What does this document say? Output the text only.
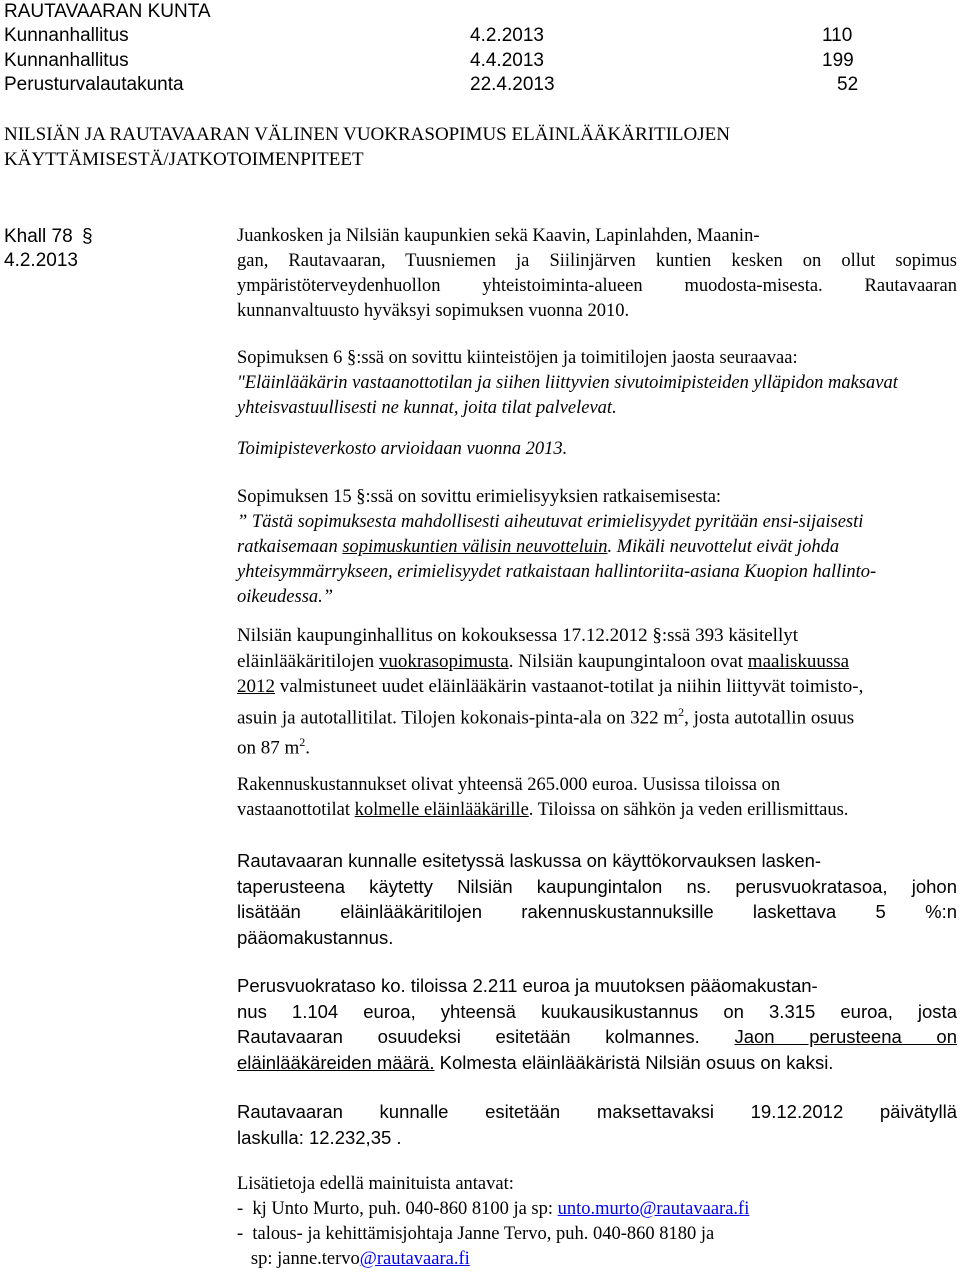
RAUTAVAARAN KUNTA
Kunnanhallitus	4.2.2013	110
Kunnanhallitus	4.4.2013	199
Perusturvalautakunta	22.4.2013	52
NILSIÄN JA RAUTAVAARAN VÄLINEN VUOKRASOPIMUS ELÄINLÄÄKÄRITILOJEN
KÄYTTÄMISESTÄ/JATKOTOIMENPITEET
Khall 78 §
4.2.2013
Juankosken ja Nilsiän kaupunkien sekä Kaavin, Lapinlahden, Maanin-
gan, Rautavaaran, Tuusniemen ja Siilinjärven kuntien kesken on ollut sopimus
ympäristöterveydenhuollon yhteistoiminta-alueen muodosta-misesta. Rautavaaran
kunnanvaltuusto hyväksyi sopimuksen vuonna 2010.
Sopimuksen 6 §:ssä on sovittu kiinteistöjen ja toimitilojen jaosta seuraavaa:
"Eläinlääkärin vastaanottotilan ja siihen liittyvien sivutoimipisteiden ylläpidon maksavat
yhteisvastuullisesti ne kunnat, joita tilat palvelevat.
Toimipisteverkosto arvioidaan vuonna 2013.
Sopimuksen 15 §:ssä on sovittu erimielisyyksien ratkaisemisesta:
” Tästä sopimuksesta mahdollisesti aiheutuvat erimielisyydet pyritään ensi-sijaisesti
ratkaisemaan sopimuskuntien välisin neuvotteluin. Mikäli neuvottelut eivät johda
yhteisymmärrykseen, erimielisyydet ratkaistaan hallintoriita-asiana Kuopion hallinto-
oikeudessa.”
Nilsiän kaupunginhallitus on kokouksessa 17.12.2012 §:ssä 393 käsitellyt
eläinlääkäritilojen vuokrasopimusta. Nilsiän kaupungintaloon ovat maaliskuussa
2012 valmistuneet uudet eläinlääkärin vastaanot-totilat ja niihin liittyvät toimisto-,
asuin ja autotallitilat. Tilojen kokonais-pinta-ala on 322 $m^2$, josta autotallin osuus
on 87 $m^2$.
Rakennuskustannukset olivat yhteensä 265.000 euroa. Uusissa tiloissa on
vastaanottotilat kolmelle eläinlääkärille. Tiloissa on sähkön ja veden erillismittaus.
Rautavaaran kunnalle esitetyssä laskussa on käyttökorvauksen lasken-
taperusteena käytetty Nilsiän kaupungintalon ns. perusvuokratasoa, johon
lisätään eläinlääkäritilojen rakennuskustannuksille laskettava 5 %:n
pääomakustannus.
Perusvuokrataso ko. tiloissa 2.211 euroa ja muutoksen pääomakustan-
nus 1.104 euroa, yhteensä kuukausikustannus on 3.315 euroa, josta
Rautavaaran osuudeksi esitetään kolmannes. Jaon perusteena on
eläinlääkäreiden määrä. Kolmesta eläinlääkäristä Nilsiän osuus on kaksi.
Rautavaaran kunnalle esitetään maksettavaksi 19.12.2012 päivätyllä
laskulla: 12.232,35 .
Lisätietoja edellä mainituista antavat:
-  kj Unto Murto, puh. 040-860 8100 ja sp: unto.murto@rautavaara.fi
-  talous- ja kehittämisjohtaja Janne Tervo, puh. 040-860 8180 ja
sp: janne.tervo@rautavaara.fi
